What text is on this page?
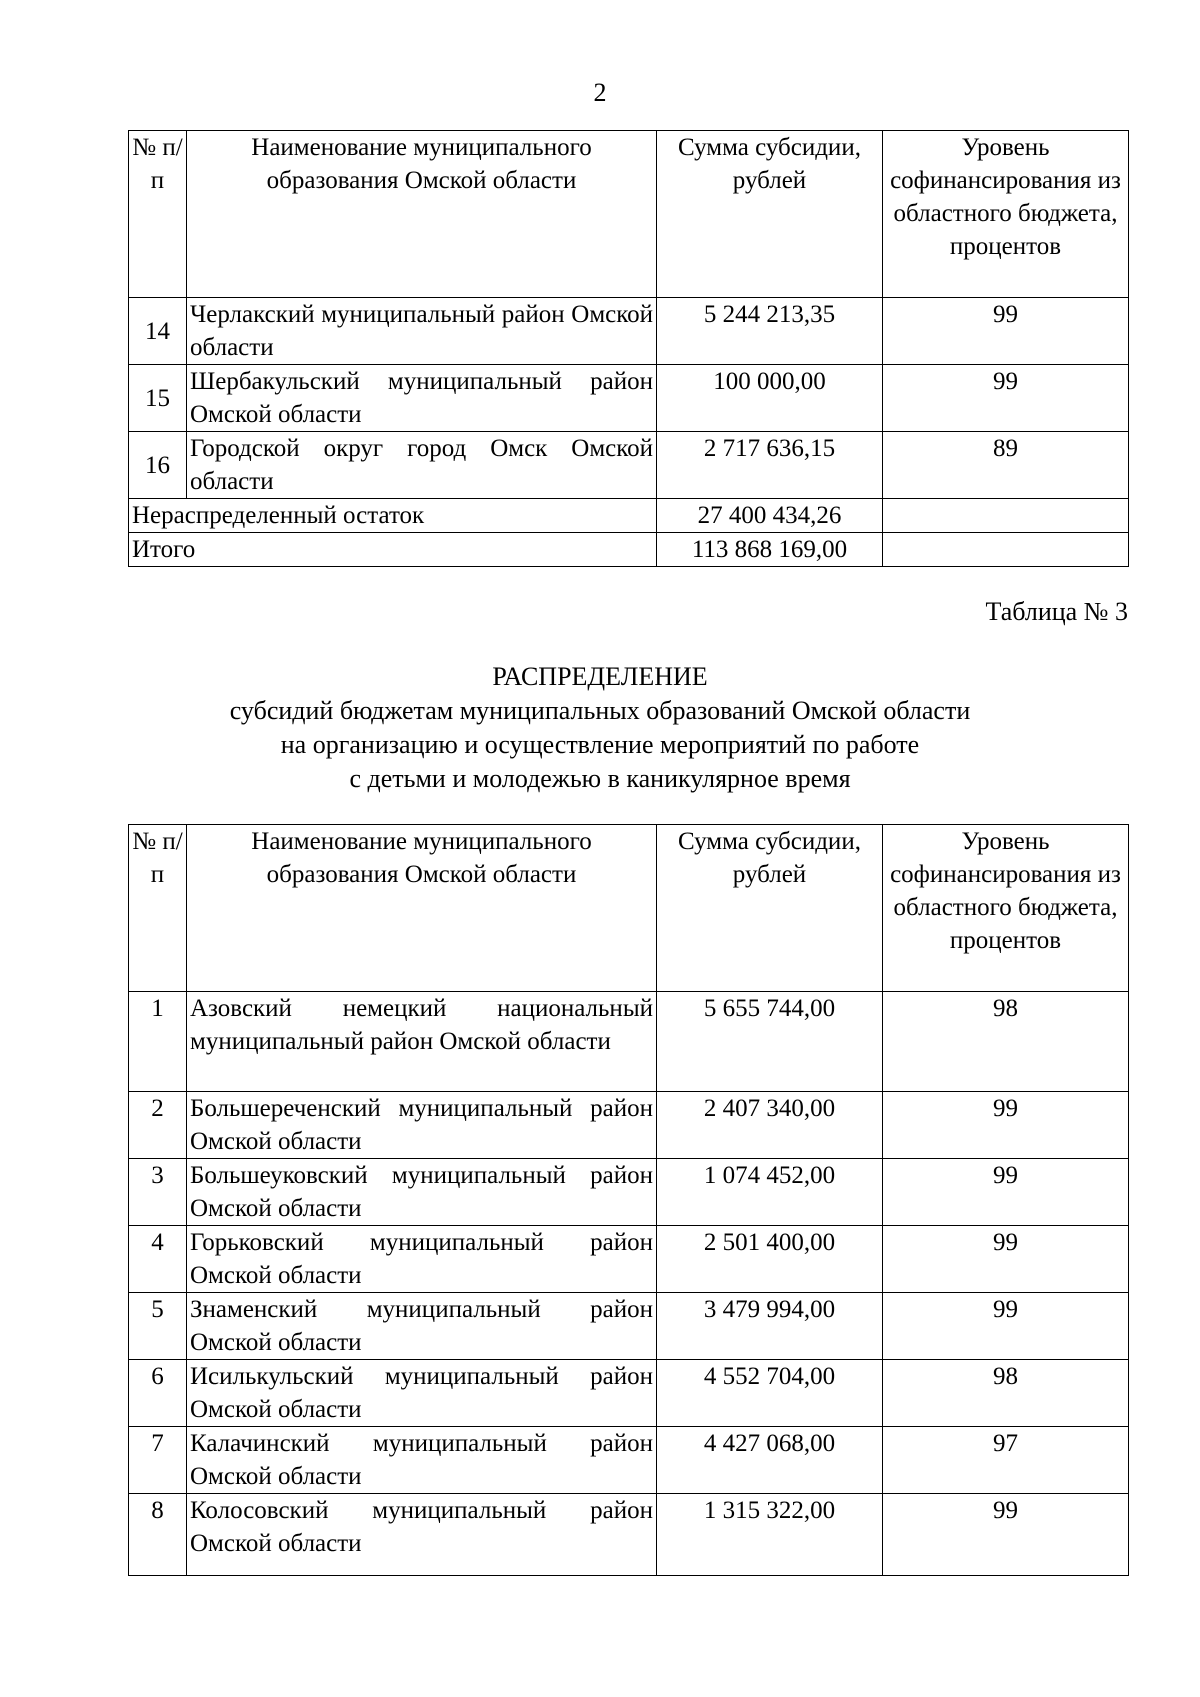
2
№ п/п	Наименование муниципального образования Омской области	Сумма субсидии, рублей	Уровень софинансирования из областного бюджета, процентов
14	Черлакский муниципальный район Омской области	5 244 213,35	99
15	Шербакульский муниципальный район Омской области	100 000,00	99
16	Городской округ город Омск Омской области	2 717 636,15	89
Нераспределенный остаток		27 400 434,26	
Итого		113 868 169,00	
Таблица № 3
РАСПРЕДЕЛЕНИЕ
субсидий бюджетам муниципальных образований Омской области
на организацию и осуществление мероприятий по работе
с детьми и молодежью в каникулярное время
№ п/п	Наименование муниципального образования Омской области	Сумма субсидии, рублей	Уровень софинансирования из областного бюджета, процентов
1	Азовский немецкий национальный муниципальный район Омской области	5 655 744,00	98
2	Большереченский муниципальный район Омской области	2 407 340,00	99
3	Большеуковский муниципальный район Омской области	1 074 452,00	99
4	Горьковский муниципальный район Омской области	2 501 400,00	99
5	Знаменский муниципальный район Омской области	3 479 994,00	99
6	Исилькульский муниципальный район Омской области	4 552 704,00	98
7	Калачинский муниципальный район Омской области	4 427 068,00	97
8	Колосовский муниципальный район Омской области	1 315 322,00	99
